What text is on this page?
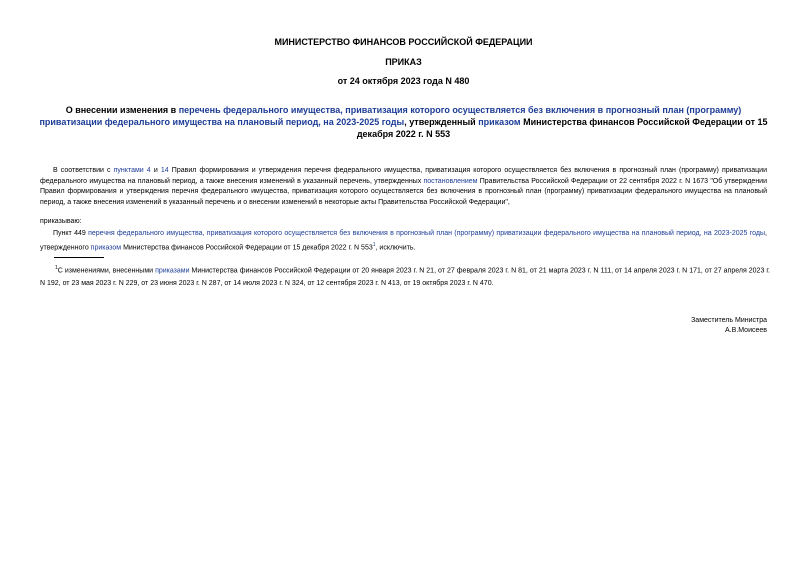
МИНИСТЕРСТВО ФИНАНСОВ РОССИЙСКОЙ ФЕДЕРАЦИИ
ПРИКАЗ
от 24 октября 2023 года N 480
О внесении изменения в перечень федерального имущества, приватизация которого осуществляется без включения в прогнозный план (программу) приватизации федерального имущества на плановый период, на 2023-2025 годы, утвержденный приказом Министерства финансов Российской Федерации от 15 декабря 2022 г. N 553
В соответствии с пунктами 4 и 14 Правил формирования и утверждения перечня федерального имущества, приватизация которого осуществляется без включения в прогнозный план (программу) приватизации федерального имущества на плановый период, а также внесения изменений в указанный перечень, утвержденных постановлением Правительства Российской Федерации от 22 сентября 2022 г. N 1673 "Об утверждении Правил формирования и утверждения перечня федерального имущества, приватизация которого осуществляется без включения в прогнозный план (программу) приватизации федерального имущества на плановый период, а также внесения изменений в указанный перечень и о внесении изменений в некоторые акты Правительства Российской Федерации",
приказываю:
Пункт 449 перечня федерального имущества, приватизация которого осуществляется без включения в прогнозный план (программу) приватизации федерального имущества на плановый период, на 2023-2025 годы, утвержденного приказом Министерства финансов Российской Федерации от 15 декабря 2022 г. N $553^1$, исключить.
$^1$С изменениями, внесенными приказами Министерства финансов Российской Федерации от 20 января 2023 г. N 21, от 27 февраля 2023 г. N 81, от 21 марта 2023 г. N 111, от 14 апреля 2023 г. N 171, от 27 апреля 2023 г. N 192, от 23 мая 2023 г. N 229, от 23 июня 2023 г. N 287, от 14 июля 2023 г. N 324, от 12 сентября 2023 г. N 413, от 19 октября 2023 г. N 470.
Заместитель Министра
А.В.Моисеев
